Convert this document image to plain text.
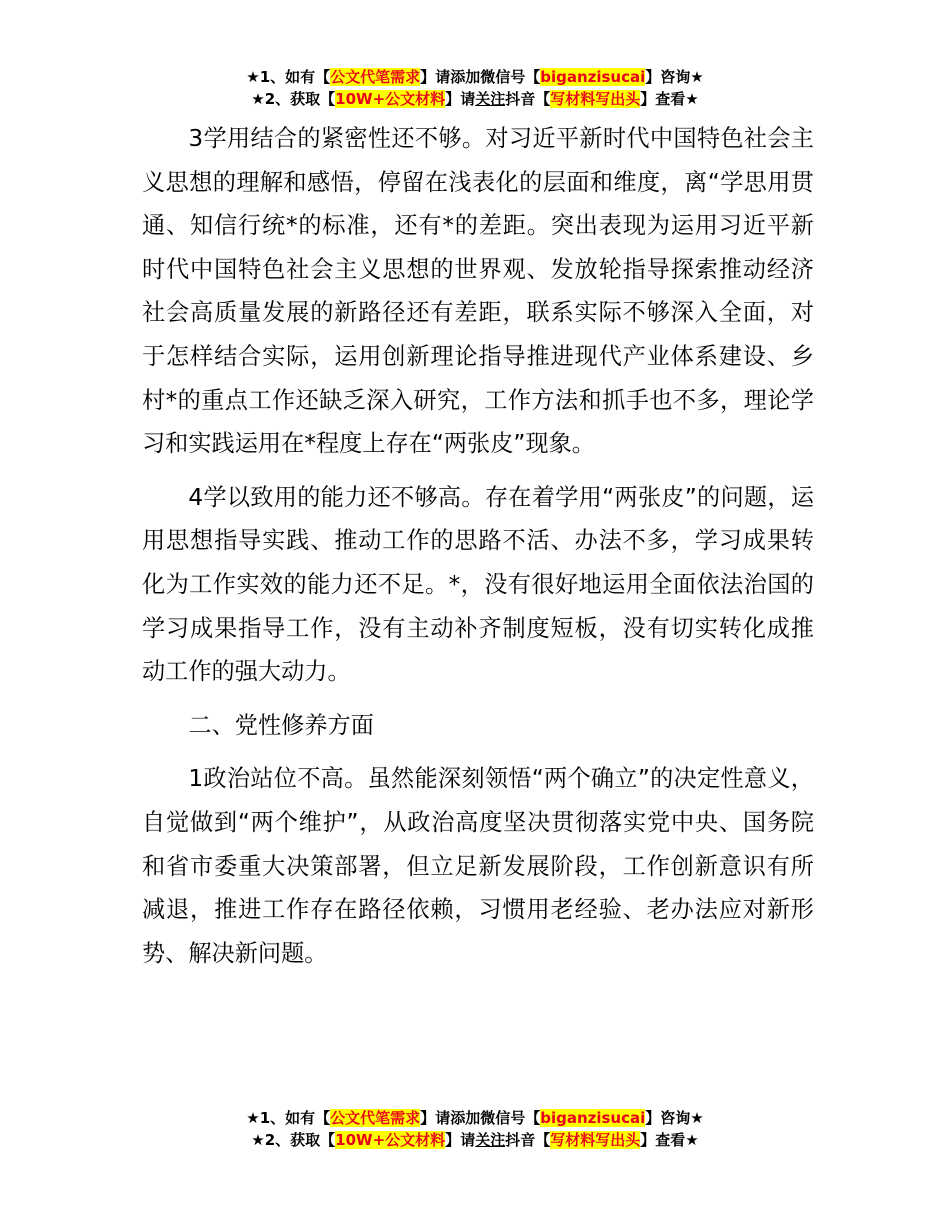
★1、如有【公文代笔需求】请添加微信号【biganzisucai】咨询★
★2、获取【10W+公文材料】请关注抖音【写材料写出头】查看★

3学用结合的紧密性还不够。对习近平新时代中国特色社会主义思想的理解和感悟，停留在浅表化的层面和维度，离“学思用贯通、知信行统*的标准，还有*的差距。突出表现为运用习近平新时代中国特色社会主义思想的世界观、发放轮指导探索推动经济社会高质量发展的新路径还有差距，联系实际不够深入全面，对于怎样结合实际，运用创新理论指导推进现代产业体系建设、乡村*的重点工作还缺乏深入研究，工作方法和抓手也不多，理论学习和实践运用在*程度上存在“两张皮”现象。

4学以致用的能力还不够高。存在着学用“两张皮”的问题，运用思想指导实践、推动工作的思路不活、办法不多，学习成果转化为工作实效的能力还不足。*，没有很好地运用全面依法治国的学习成果指导工作，没有主动补齐制度短板，没有切实转化成推动工作的强大动力。

二、党性修养方面

1政治站位不高。虽然能深刻领悟“两个确立”的决定性意义，自觉做到“两个维护”，从政治高度坚决贯彻落实党中央、国务院和省市委重大决策部署，但立足新发展阶段，工作创新意识有所减退，推进工作存在路径依赖，习惯用老经验、老办法应对新形势、解决新问题。

★1、如有【公文代笔需求】请添加微信号【biganzisucai】咨询★
★2、获取【10W+公文材料】请关注抖音【写材料写出头】查看★
